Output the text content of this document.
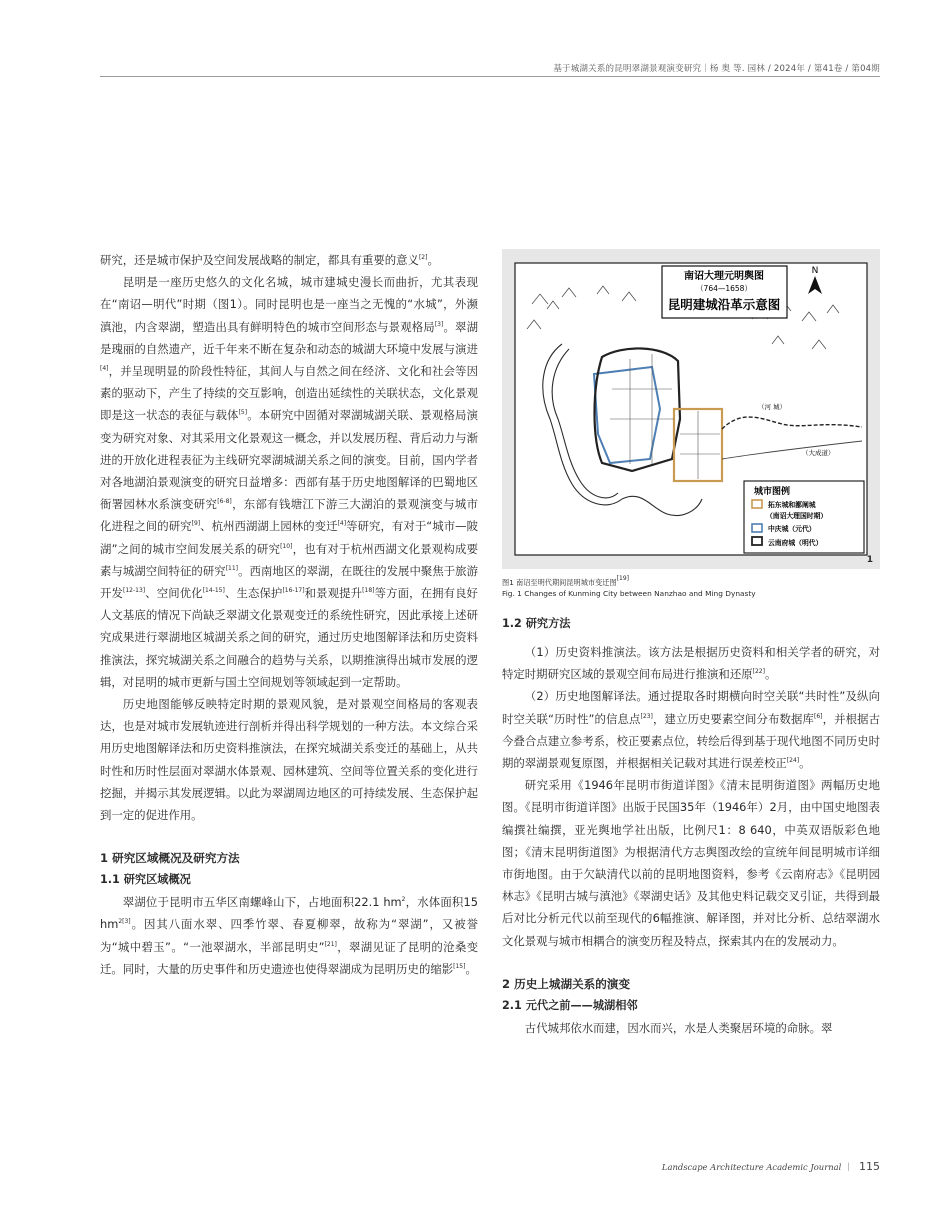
基于城湖关系的昆明翠湖景观演变研究｜杨 奥 等. 园林 / 2024年 / 第41卷 / 第04期

研究，还是城市保护及空间发展战略的制定，都具有重要的意义[2]。

昆明是一座历史悠久的文化名城，城市建城史漫长而曲折，尤其表现在“南诏—明代”时期（图1）。同时昆明也是一座当之无愧的“水城”，外濒滇池，内含翠湖，塑造出具有鲜明特色的城市空间形态与景观格局[3]。翠湖是瑰丽的自然遗产，近千年来不断在复杂和动态的城湖大环境中发展与演进[4]，并呈现明显的阶段性特征，其间人与自然之间在经济、文化和社会等因素的驱动下，产生了持续的交互影响，创造出延续性的关联状态，文化景观即是这一状态的表征与载体[5]。本研究中固循对翠湖城湖关联、景观格局演变为研究对象、对其采用文化景观这一概念，并以发展历程、背后动力与渐进的开放化进程表征为主线研究翠湖城湖关系之间的演变。目前，国内学者对各地湖泊景观演变的研究日益增多：西部有基于历史地图解译的巴蜀地区衙署园林水系演变研究[6-8]，东部有钱塘江下游三大湖泊的景观演变与城市化进程之间的研究[9]、杭州西湖湖上园林的变迁[4]等研究，有对于“城市—陂湖”之间的城市空间发展关系的研究[10]，也有对于杭州西湖文化景观构成要素与城湖空间特征的研究[11]。西南地区的翠湖，在既往的发展中聚焦于旅游开发[12-13]、空间优化[14-15]、生态保护[16-17]和景观提升[18]等方面，在拥有良好人文基底的情况下尚缺乏翠湖文化景观变迁的系统性研究，因此承接上述研究成果进行翠湖地区城湖关系之间的研究，通过历史地图解译法和历史资料推演法，探究城湖关系之间融合的趋势与关系，以期推演得出城市发展的逻辑，对昆明的城市更新与国土空间规划等领域起到一定帮助。

历史地图能够反映特定时期的景观风貌，是对景观空间格局的客观表达，也是对城市发展轨迹进行剖析并得出科学规划的一种方法。本文综合采用历史地图解译法和历史资料推演法，在探究城湖关系变迁的基础上，从共时性和历时性层面对翠湖水体景观、园林建筑、空间等位置关系的变化进行挖掘，并揭示其发展逻辑。以此为翠湖周边地区的可持续发展、生态保护起到一定的促进作用。

1 研究区域概况及研究方法

1.1 研究区域概况

翠湖位于昆明市五华区南螺峰山下，占地面积22.1 $hm^2$，水体面积15 $hm^{2[3]}$。因其八面水翠、四季竹翠、春夏柳翠，故称为“翠湖”，又被誉为“城中碧玉”。“一池翠湖水，半部昆明史”[21]，翠湖见证了昆明的沧桑变迁。同时，大量的历史事件和历史遗迹也使得翠湖成为昆明历史的缩影[15]。

南诏大理元明舆图
（764—1658）
昆明建城沿革示意图
N
（河 城）
（大成道）
城市图例
拓东城和鄯阐城
（南诏大理国时期）
中庆城（元代）
云南府城（明代）
1
图1 南诏至明代期间昆明城市变迁图[19]
Fig. 1 Changes of Kunming City between Nanzhao and Ming Dynasty

1.2 研究方法

（1）历史资料推演法。该方法是根据历史资料和相关学者的研究，对特定时期研究区域的景观空间布局进行推演和还原[22]。

（2）历史地图解译法。通过提取各时期横向时空关联“共时性”及纵向时空关联“历时性”的信息点[23]，建立历史要素空间分布数据库[6]，并根据古今叠合点建立参考系，校正要素点位，转绘后得到基于现代地图不同历史时期的翠湖景观复原图，并根据相关记载对其进行误差校正[24]。

研究采用《1946年昆明市街道详图》《清末昆明街道图》两幅历史地图。《昆明市街道详图》出版于民国35年（1946年）2月，由中国史地图表编撰社编撰，亚光舆地学社出版，比例尺1：8 640，中英双语版彩色地图；《清末昆明街道图》为根据清代方志舆图改绘的宣统年间昆明城市详细市街地图。由于欠缺清代以前的昆明地图资料，参考《云南府志》《昆明园林志》《昆明古城与滇池》《翠湖史话》及其他史料记载交叉引证，共得到最后对比分析元代以前至现代的6幅推演、解译图，并对比分析、总结翠湖水文化景观与城市相耦合的演变历程及特点，探索其内在的发展动力。

2 历史上城湖关系的演变

2.1 元代之前——城湖相邻

古代城邦依水而建，因水而兴，水是人类聚居环境的命脉。翠

Landscape Architecture Academic Journal ｜ 115
